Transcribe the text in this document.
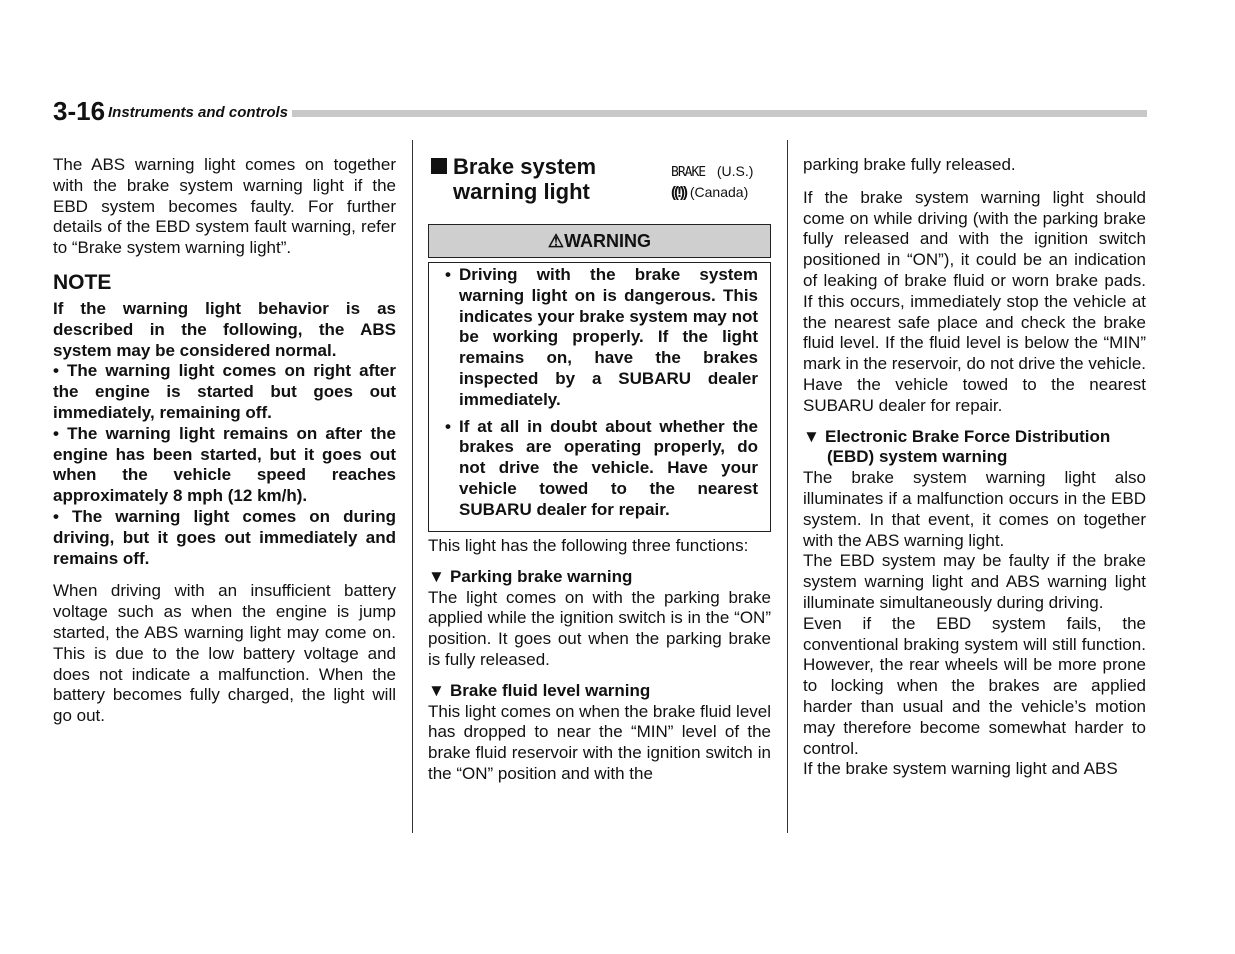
3-16 Instruments and controls

The ABS warning light comes on together with the brake system warning light if the EBD system becomes faulty. For further details of the EBD system fault warning, refer to “Brake system warning light”.

NOTE

If the warning light behavior is as described in the following, the ABS system may be considered normal.

• The warning light comes on right after the engine is started but goes out immediately, remaining off.

• The warning light remains on after the engine has been started, but it goes out when the vehicle speed reaches approximately 8 mph (12 km/h).

• The warning light comes on during driving, but it goes out immediately and remains off.

When driving with an insufficient battery voltage such as when the engine is jump started, the ABS warning light may come on. This is due to the low battery voltage and does not indicate a malfunction. When the battery becomes fully charged, the light will go out.

Brake system
warning light
BRAKE (U.S.)
((!)) (Canada)
⚠WARNING
• Driving with the brake system warning light on is dangerous. This indicates your brake system may not be working properly. If the light remains on, have the brakes inspected by a SUBARU dealer immediately.
• If at all in doubt about whether the brakes are operating properly, do not drive the vehicle. Have your vehicle towed to the nearest SUBARU dealer for repair.

This light has the following three functions:

▼ Parking brake warning

The light comes on with the parking brake applied while the ignition switch is in the “ON” position. It goes out when the parking brake is fully released.

▼ Brake fluid level warning

This light comes on when the brake fluid level has dropped to near the “MIN” level of the brake fluid reservoir with the ignition switch in the “ON” position and with the

parking brake fully released.

If the brake system warning light should come on while driving (with the parking brake fully released and with the ignition switch positioned in “ON”), it could be an indication of leaking of brake fluid or worn brake pads. If this occurs, immediately stop the vehicle at the nearest safe place and check the brake fluid level. If the fluid level is below the “MIN” mark in the reservoir, do not drive the vehicle. Have the vehicle towed to the nearest SUBARU dealer for repair.

▼ Electronic Brake Force Distribution (EBD) system warning

The brake system warning light also illuminates if a malfunction occurs in the EBD system. In that event, it comes on together with the ABS warning light.

The EBD system may be faulty if the brake system warning light and ABS warning light illuminate simultaneously during driving.

Even if the EBD system fails, the conventional braking system will still function. However, the rear wheels will be more prone to locking when the brakes are applied harder than usual and the vehicle’s motion may therefore become somewhat harder to control.

If the brake system warning light and ABS
